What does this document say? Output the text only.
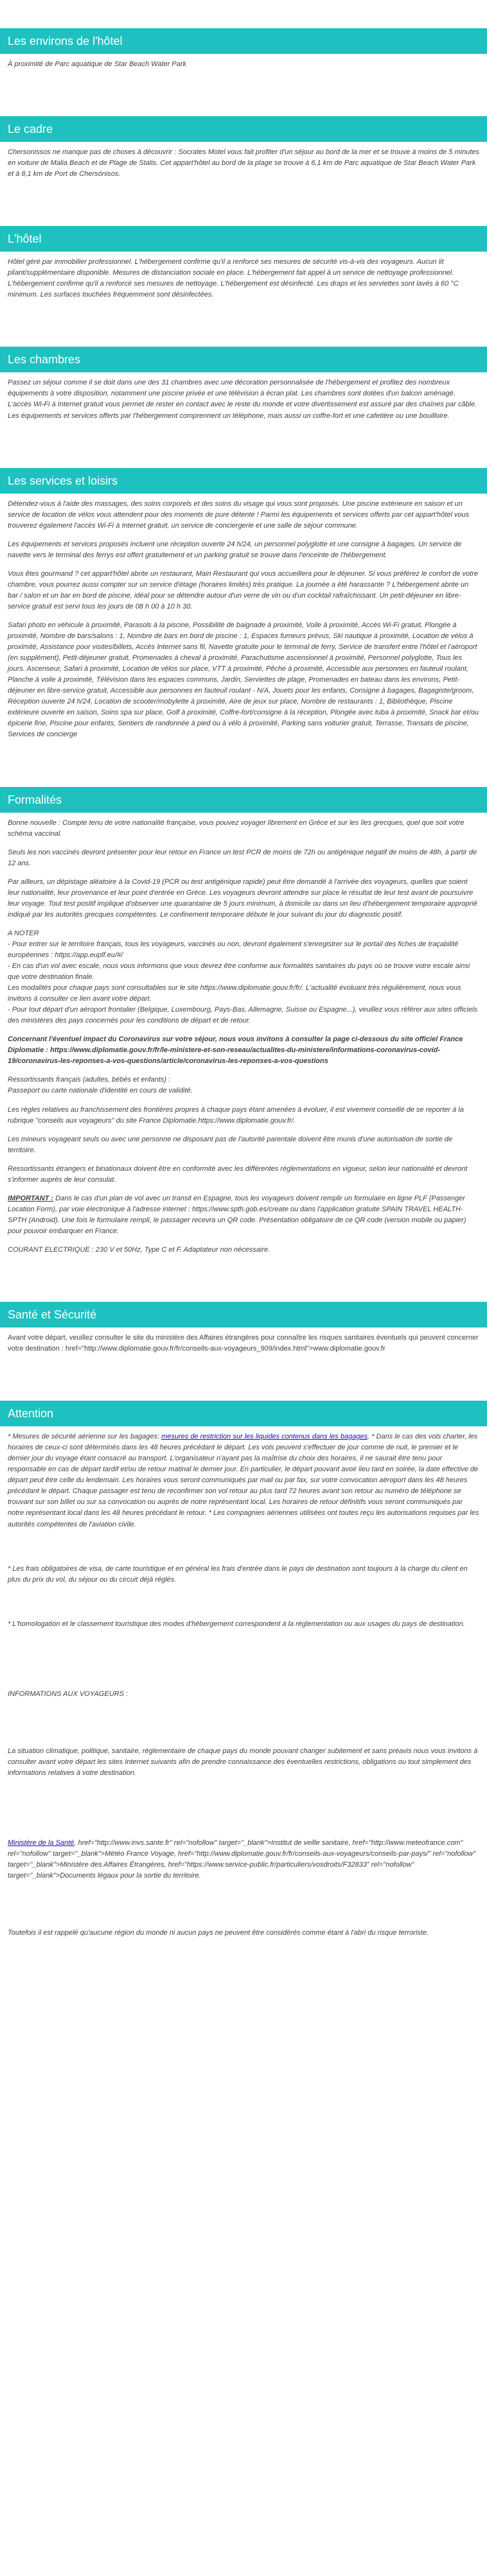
Les environs de l'hôtel

À proximité de Parc aquatique de Star Beach Water Park

Le cadre

Chersonissos ne manque pas de choses à découvrir : Socrates Motel vous fait profiter d'un séjour au bord de la mer et se trouve à moins de 5 minutes en voiture de Malia Beach et de Plage de Stalis. Cet appart'hôtel au bord de la plage se trouve à 6,1 km de Parc aquatique de Star Beach Water Park et à 8,1 km de Port de Chersónisos.

L'hôtel

Hôtel géré par immobilier professionnel. L'hébergement confirme qu'il a renforcé ses mesures de sécurité vis-à-vis des voyageurs. Aucun lit pliant/supplémentaire disponible. Mesures de distanciation sociale en place. L'hébergement fait appel à un service de nettoyage professionnel. L'hébergement confirme qu'il a renforcé ses mesures de nettoyage. L'hébergement est désinfecté. Les draps et les serviettes sont lavés à 60 °C minimum. Les surfaces touchées fréquemment sont désinfectées.

Les chambres

Passez un séjour comme il se doit dans une des 31 chambres avec une décoration personnalisée de l'hébergement et profitez des nombreux équipements à votre disposition, notamment une piscine privée et une télévision à écran plat. Les chambres sont dotées d'un balcon aménagé. L'accès Wi-Fi à Internet gratuit vous permet de rester en contact avec le reste du monde et votre divertissement est assuré par des chaînes par câble. Les équipements et services offerts par l'hébergement comprennent un téléphone, mais aussi un coffre-fort et une cafetière ou une bouilloire.

Les services et loisirs

Détendez-vous à l'aide des massages, des soins corporels et des soins du visage qui vous sont proposés. Une piscine extérieure en saison et un service de location de vélos vous attendent pour des moments de pure détente ! Parmi les équipements et services offerts par cet appart'hôtel vous trouverez également l'accès Wi-Fi à Internet gratuit, un service de conciergerie et une salle de séjour commune.

Les équipements et services proposés incluent une réception ouverte 24 h/24, un personnel polyglotte et une consigne à bagages. Un service de navette vers le terminal des ferrys est offert gratuitement et un parking gratuit se trouve dans l'enceinte de l'hébergement.

Vous êtes gourmand ? cet appart'hôtel abrite un restaurant, Main Restaurant qui vous accueillera pour le déjeuner. Si vous préférez le confort de votre chambre, vous pourrez aussi compter sur un service d'étage (horaires limités) très pratique. La journée a été harassante ? L'hébergement abrite un bar / salon et un bar en bord de piscine, idéal pour se détendre autour d'un verre de vin ou d'un cocktail rafraîchissant. Un petit-déjeuner en libre-service gratuit est servi tous les jours de 08 h 00 à 10 h 30.

Safari photo en véhicule à proximité, Parasols à la piscine, Possibilité de baignade à proximité, Voile à proximité, Accès Wi-Fi gratuit, Plongée à proximité, Nombre de bars/salons : 1, Nombre de bars en bord de piscine : 1, Espaces fumeurs prévus, Ski nautique à proximité, Location de vélos à proximité, Assistance pour visites/billets, Accès Internet sans fil, Navette gratuite pour le terminal de ferry, Service de transfert entre l'hôtel et l'aéroport (en supplément), Petit-déjeuner gratuit, Promenades à cheval à proximité, Parachutisme ascensionnel à proximité, Personnel polyglotte, Tous les jours. Ascenseur, Safari à proximité, Location de vélos sur place, VTT à proximité, Pêche à proximité, Accessible aux personnes en fauteuil roulant, Planche à voile à proximité, Télévision dans les espaces communs, Jardin, Serviettes de plage, Promenades en bateau dans les environs, Petit-déjeuner en libre-service gratuit, Accessible aux personnes en fauteuil roulant - N/A, Jouets pour les enfants, Consigne à bagages, Bagagiste/groom, Réception ouverte 24 h/24, Location de scooter/mobylette à proximité, Aire de jeux sur place, Nombre de restaurants : 1, Bibliothèque, Piscine extérieure ouverte en saison, Soins spa sur place, Golf à proximité, Coffre-fort/consigne à la réception, Plongée avec tuba à proximité, Snack bar et/ou épicerie fine, Piscine pour enfants, Sentiers de randonnée à pied ou à vélo à proximité, Parking sans voiturier gratuit, Terrasse, Transats de piscine, Services de concierge

Formalités

Bonne nouvelle : Compte tenu de votre nationalité française, vous pouvez voyager librement en Grèce et sur les îles grecques, quel que soit votre schéma vaccinal.

Seuls les non vaccinés devront présenter pour leur retour en France un test PCR de moins de 72h ou antigénique négatif de moins de 48h, à partir de 12 ans.

Par ailleurs, un dépistage aléatoire à la Covid-19 (PCR ou test antigénique rapide) peut être demandé à l'arrivée des voyageurs, quelles que soient leur nationalité, leur provenance et leur point d'entrée en Grèce. Les voyageurs devront attendre sur place le résultat de leur test avant de poursuivre leur voyage. Tout test positif implique d'observer une quarantaine de 5 jours minimum, à domicile ou dans un lieu d'hébergement temporaire approprié indiqué par les autorités grecques compétentes. Le confinement temporaire débute le jour suivant du jour du diagnostic positif.

A NOTER

- Pour entrer sur le territoire français, tous les voyageurs, vaccinés ou non, devront également s'enregistrer sur le portail des fiches de traçabilité européennes : https://app.euplf.eu/#/

- En cas d'un vol avec escale, nous vous informons que vous devrez être conforme aux formalités sanitaires du pays où se trouve votre escale ainsi que votre destination finale.

Les modalités pour chaque pays sont consultables sur le site https://www.diplomatie.gouv.fr/fr/. L'actualité évoluant très régulièrement, nous vous invitons à consulter ce lien avant votre départ.

- Pour tout départ d'un aéroport frontalier (Belgique, Luxembourg, Pays-Bas, Allemagne, Suisse ou Espagne...), veuillez vous référer aux sites officiels des ministères des pays concernés pour les conditions de départ et de retour.

Concernant l'éventuel impact du Coronavirus sur votre séjour, nous vous invitons à consulter la page ci-dessous du site officiel France Diplomatie : https://www.diplomatie.gouv.fr/fr/le-ministere-et-son-reseau/actualites-du-ministere/informations-coronavirus-covid-19/coronavirus-les-reponses-a-vos-questions/article/coronavirus-les-reponses-a-vos-questions

Ressortissants français (adultes, bébés et enfants) :

Passeport ou carte nationale d'identité en cours de validité.

Les règles relatives au franchissement des frontières propres à chaque pays étant amenées à évoluer, il est vivement conseillé de se reporter à la rubrique "conseils aux voyageurs" du site France Diplomatie.https://www.diplomatie.gouv.fr/.

Les mineurs voyageant seuls ou avec une personne ne disposant pas de l'autorité parentale doivent être munis d'une autorisation de sortie de territoire.

Ressortissants étrangers et binationaux doivent être en conformité avec les différentes réglementations en vigueur, selon leur nationalité et devront s'informer auprès de leur consulat.

IMPORTANT : Dans le cas d'un plan de vol avec un transit en Espagne, tous les voyageurs doivent remplir un formulaire en ligne PLF (Passenger Location Form), par voie électronique à l'adresse internet : https://www.spth.gob.es/create ou dans l'application gratuite SPAIN TRAVEL HEALTH-SPTH (Android). Une fois le formulaire rempli, le passager recevra un QR code. Présentation obligatoire de ce QR code (version mobile ou papier) pour pouvoir embarquer en France.

COURANT ELECTRIQUE : 230 V et 50Hz, Type C et F. Adaptateur non nécessaire.

Santé et Sécurité

Avant votre départ, veuillez consulter le site du ministère des Affaires étrangères pour connaître les risques sanitaires éventuels qui peuvent concerner votre destination : href="http://www.diplomatie.gouv.fr/fr/conseils-aux-voyageurs_909/index.html">www.diplomatie.gouv.fr

Attention

* Mesures de sécurité aérienne sur les bagages: mesures de restriction sur les liquides contenus dans les bagages. * Dans le cas des vols charter, les horaires de ceux-ci sont déterminés dans les 48 heures précédant le départ. Les vols peuvent s'effectuer de jour comme de nuit, le premier et le dernier jour du voyage étant consacré au transport. L'organisateur n'ayant pas la maîtrise du choix des horaires, il ne saurait être tenu pour responsable en cas de départ tardif et/ou de retour matinal le dernier jour. En particulier, le départ pouvant avoir lieu tard en soirée, la date effective de départ peut être celle du lendemain. Les horaires vous seront communiqués par mail ou par fax, sur votre convocation aéroport dans les 48 heures précédant le départ. Chaque passager est tenu de reconfirmer son vol retour au plus tard 72 heures avant son retour au numéro de téléphone se trouvant sur son billet ou sur sa convocation ou auprès de notre représentant local. Les horaires de retour définitifs vous seront communiqués par notre représentant local dans les 48 heures précédant le retour. * Les compagnies aériennes utilisées ont toutes reçu les autorisations requises par les autorités compétentes de l'aviation civile.

* Les frais obligatoires de visa, de carte touristique et en général les frais d'entrée dans le pays de destination sont toujours à la charge du client en plus du prix du vol, du séjour ou du circuit déjà réglés.

* L'homologation et le classement touristique des modes d'hébergement correspondent à la réglementation ou aux usages du pays de destination.

INFORMATIONS AUX VOYAGEURS :

La situation climatique, politique, sanitaire, réglementaire de chaque pays du monde pouvant changer subitement et sans préavis nous vous invitons à consulter avant votre départ les sites Internet suivants afin de prendre connaissance des éventuelles restrictions, obligations ou tout simplement des informations relatives à votre destination.

Ministère de la Santé, href="http://www.invs.sante.fr" rel="nofollow" target="_blank">Institut de veille sanitaire, href="http://www.meteofrance.com" rel="nofollow" target="_blank">Météo France Voyage, href="http://www.diplomatie.gouv.fr/fr/conseils-aux-voyageurs/conseils-par-pays/" rel="nofollow" target="_blank">Ministère des Affaires Étrangères, href="https://www.service-public.fr/particuliers/vosdroits/F32833" rel="nofollow" target="_blank">Documents légaux pour la sortie du territoire.

Toutefois il est rappelé qu'aucune région du monde ni aucun pays ne peuvent être considérés comme étant à l'abri du risque terroriste.
